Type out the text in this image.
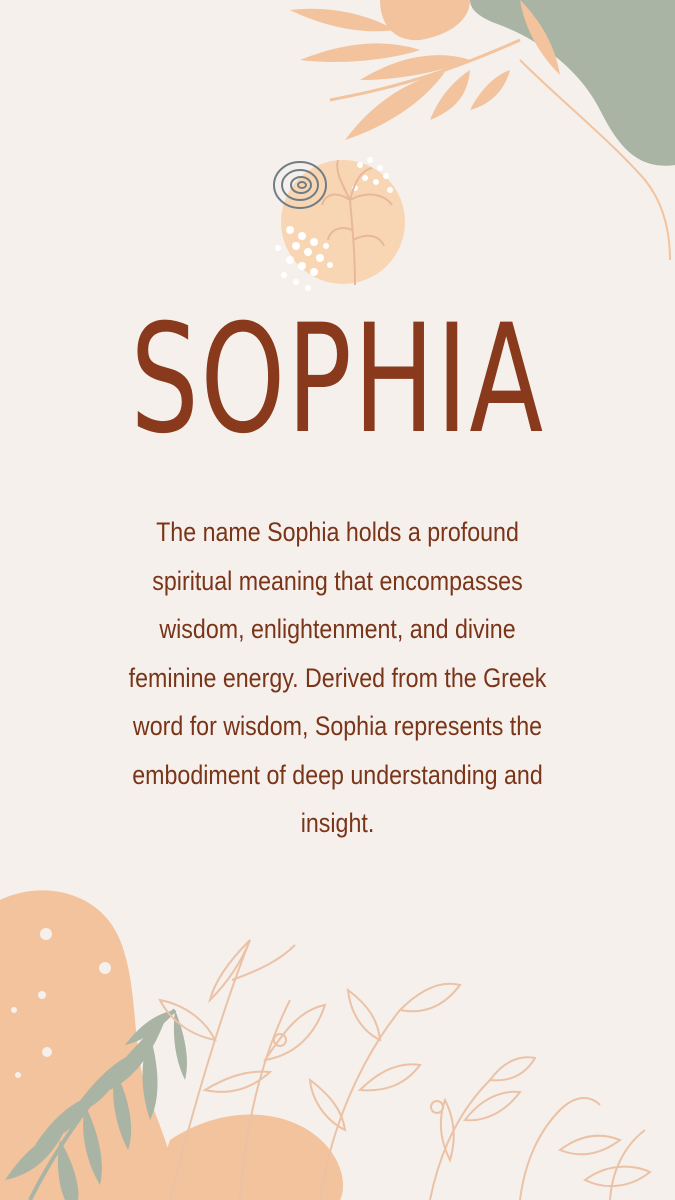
SOPHIA
The name Sophia holds a profound
spiritual meaning that encompasses
wisdom, enlightenment, and divine
feminine energy. Derived from the Greek
word for wisdom, Sophia represents the
embodiment of deep understanding and
insight.
